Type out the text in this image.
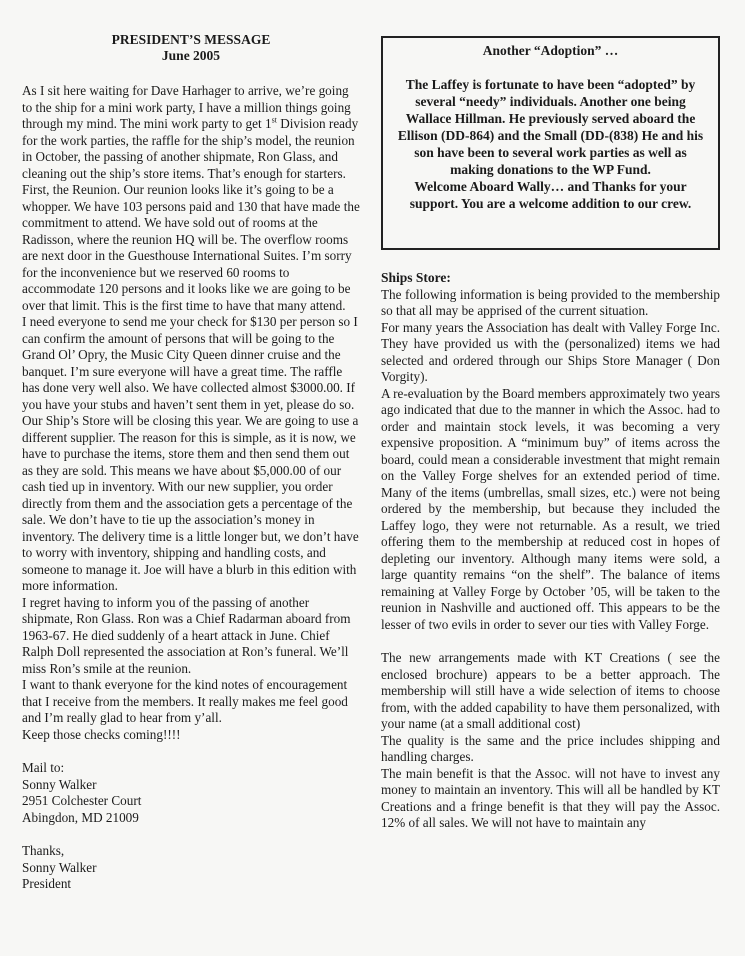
PRESIDENT’S MESSAGE
June 2005

As I sit here waiting for Dave Harhager to arrive, we’re going to the ship for a mini work party, I have a million things going through my mind. The mini work party to get 1st Division ready for the work parties, the raffle for the ship’s model, the reunion in October, the passing of another shipmate, Ron Glass, and cleaning out the ship’s store items. That’s enough for starters.

First, the Reunion. Our reunion looks like it’s going to be a whopper. We have 103 persons paid and 130 that have made the commitment to attend. We have sold out of rooms at the Radisson, where the reunion HQ will be. The overflow rooms are next door in the Guesthouse International Suites. I’m sorry for the inconvenience but we reserved 60 rooms to accommodate 120 persons and it looks like we are going to be over that limit. This is the first time to have that many attend.

I need everyone to send me your check for $130 per person so I can confirm the amount of persons that will be going to the Grand Ol’ Opry, the Music City Queen dinner cruise and the banquet. I’m sure everyone will have a great time. The raffle has done very well also. We have collected almost $3000.00. If you have your stubs and haven’t sent them in yet, please do so.

Our Ship’s Store will be closing this year. We are going to use a different supplier. The reason for this is simple, as it is now, we have to purchase the items, store them and then send them out as they are sold. This means we have about $5,000.00 of our cash tied up in inventory. With our new supplier, you order directly from them and the association gets a percentage of the sale. We don’t have to tie up the association’s money in inventory. The delivery time is a little longer but, we don’t have to worry with inventory, shipping and handling costs, and someone to manage it. Joe will have a blurb in this edition with more information.

I regret having to inform you of the passing of another shipmate, Ron Glass. Ron was a Chief Radarman aboard from 1963-67. He died suddenly of a heart attack in June. Chief Ralph Doll represented the association at Ron’s funeral. We’ll miss Ron’s smile at the reunion.

I want to thank everyone for the kind notes of encouragement that I receive from the members. It really makes me feel good and I’m really glad to hear from y’all.

Keep those checks coming!!!!

Mail to:
Sonny Walker
2951 Colchester Court
Abingdon, MD 21009
Thanks,
Sonny Walker
President
Another “Adoption” …

The Laffey is fortunate to have been “adopted” by several “needy” individuals. Another one being Wallace Hillman. He previously served aboard the Ellison (DD-864) and the Small (DD-(838) He and his son have been to several work parties as well as making donations to the WP Fund.

Welcome Aboard Wally… and Thanks for your support. You are a welcome addition to our crew.

Ships Store:

The following information is being provided to the membership so that all may be apprised of the current situation.

For many years the Association has dealt with Valley Forge Inc. They have provided us with the (personalized) items we had selected and ordered through our Ships Store Manager ( Don Vorgity).

A re-evaluation by the Board members approximately two years ago indicated that due to the manner in which the Assoc. had to order and maintain stock levels, it was becoming a very expensive proposition. A “minimum buy” of items across the board, could mean a considerable investment that might remain on the Valley Forge shelves for an extended period of time. Many of the items (umbrellas, small sizes, etc.) were not being ordered by the membership, but because they included the Laffey logo, they were not returnable. As a result, we tried offering them to the membership at reduced cost in hopes of depleting our inventory. Although many items were sold, a large quantity remains “on the shelf”. The balance of items remaining at Valley Forge by October ’05, will be taken to the reunion in Nashville and auctioned off. This appears to be the lesser of two evils in order to sever our ties with Valley Forge.

The new arrangements made with KT Creations ( see the enclosed brochure) appears to be a better approach. The membership will still have a wide selection of items to choose from, with the added capability to have them personalized, with your name (at a small additional cost)

The quality is the same and the price includes shipping and handling charges.

The main benefit is that the Assoc. will not have to invest any money to maintain an inventory. This will all be handled by KT Creations and a fringe benefit is that they will pay the Assoc. 12% of all sales. We will not have to maintain any
